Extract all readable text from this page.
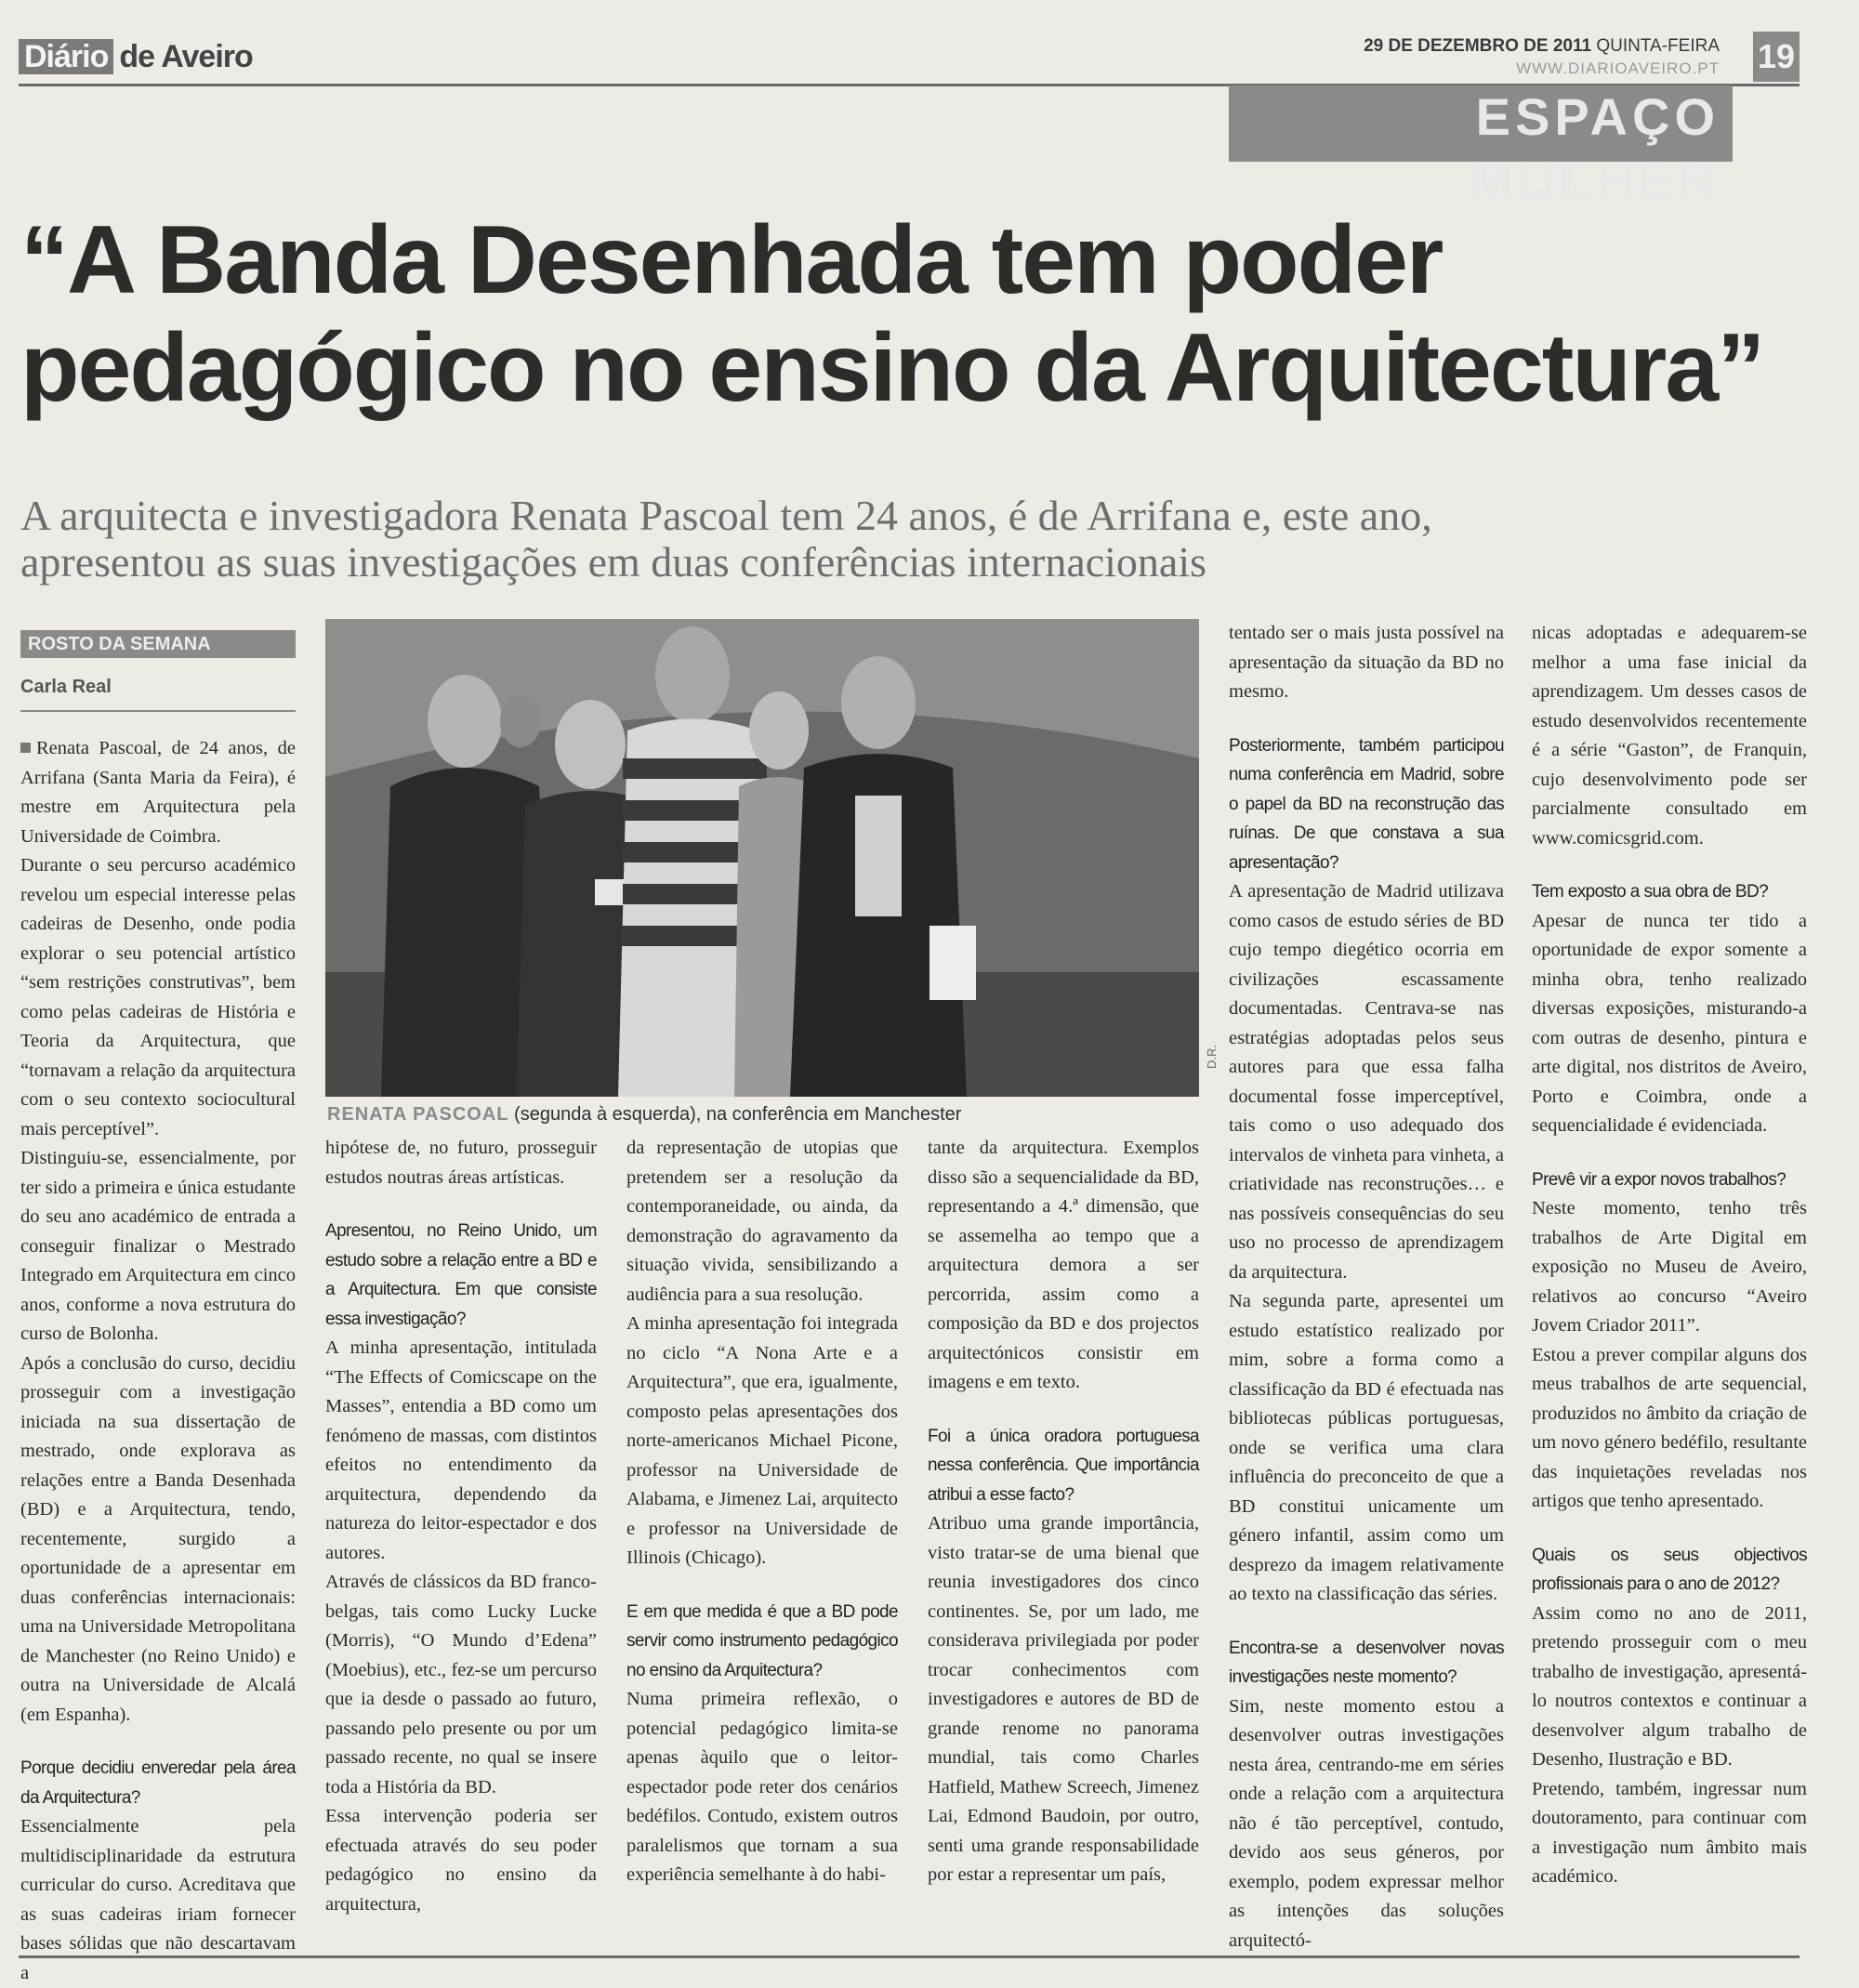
Diário de Aveiro	29 DE DEZEMBRO DE 2011 QUINTA-FEIRA
WWW.DIARIOAVEIRO.PT 19
ESPAÇO MULHER
“A Banda Desenhada tem poder pedagógico no ensino da Arquitectura”
A arquitecta e investigadora Renata Pascoal tem 24 anos, é de Arrifana e, este ano, apresentou as suas investigações em duas conferências internacionais
ROSTO DA SEMANA
Carla Real
D.R.
RENATA PASCOAL (segunda à esquerda), na conferência em Manchester

Renata Pascoal, de 24 anos, de Arrifana (Santa Maria da Feira), é mestre em Arquitectura pela Universidade de Coimbra.

Durante o seu percurso académico revelou um especial interesse pelas cadeiras de Desenho, onde podia explorar o seu potencial artístico “sem restrições construtivas”, bem como pelas cadeiras de História e Teoria da Arquitectura, que “tornavam a relação da arquitectura com o seu contexto sociocultural mais perceptível”.

Distinguiu-se, essencialmente, por ter sido a primeira e única estudante do seu ano académico de entrada a conseguir finalizar o Mestrado Integrado em Arquitectura em cinco anos, conforme a nova estrutura do curso de Bolonha.

Após a conclusão do curso, decidiu prosseguir com a investigação iniciada na sua dissertação de mestrado, onde explorava as relações entre a Banda Desenhada (BD) e a Arquitectura, tendo, recentemente, surgido a oportunidade de a apresentar em duas conferências internacionais: uma na Universidade Metropolitana de Manchester (no Reino Unido) e outra na Universidade de Alcalá (em Espanha).

Porque decidiu enveredar pela área da Arquitectura?

Essencialmente pela multidisciplinaridade da estrutura curricular do curso. Acreditava que as suas cadeiras iriam fornecer bases sólidas que não descartavam a

hipótese de, no futuro, prosseguir estudos noutras áreas artísticas.

Apresentou, no Reino Unido, um estudo sobre a relação entre a BD e a Arquitectura. Em que consiste essa investigação?

A minha apresentação, intitulada “The Effects of Comicscape on the Masses”, entendia a BD como um fenómeno de massas, com distintos efeitos no entendimento da arquitectura, dependendo da natureza do leitor-espectador e dos autores.

Através de clássicos da BD franco-belgas, tais como Lucky Lucke (Morris), “O Mundo d’Edena” (Moebius), etc., fez-se um percurso que ia desde o passado ao futuro, passando pelo presente ou por um passado recente, no qual se insere toda a História da BD.

Essa intervenção poderia ser efectuada através do seu poder pedagógico no ensino da arquitectura,

da representação de utopias que pretendem ser a resolução da contemporaneidade, ou ainda, da demonstração do agravamento da situação vivida, sensibilizando a audiência para a sua resolução.

A minha apresentação foi integrada no ciclo “A Nona Arte e a Arquitectura”, que era, igualmente, composto pelas apresentações dos norte-americanos Michael Picone, professor na Universidade de Alabama, e Jimenez Lai, arquitecto e professor na Universidade de Illinois (Chicago).

E em que medida é que a BD pode servir como instrumento pedagógico no ensino da Arquitectura?

Numa primeira reflexão, o potencial pedagógico limita-se apenas àquilo que o leitor-espectador pode reter dos cenários bedéfilos. Contudo, existem outros paralelismos que tornam a sua experiência semelhante à do habi-

tante da arquitectura. Exemplos disso são a sequencialidade da BD, representando a 4.ª dimensão, que se assemelha ao tempo que a arquitectura demora a ser percorrida, assim como a composição da BD e dos projectos arquitectónicos consistir em imagens e em texto.

Foi a única oradora portuguesa nessa conferência. Que importância atribui a esse facto?

Atribuo uma grande importância, visto tratar-se de uma bienal que reunia investigadores dos cinco continentes. Se, por um lado, me considerava privilegiada por poder trocar conhecimentos com investigadores e autores de BD de grande renome no panorama mundial, tais como Charles Hatfield, Mathew Screech, Jimenez Lai, Edmond Baudoin, por outro, senti uma grande responsabilidade por estar a representar um país,

tentado ser o mais justa possível na apresentação da situação da BD no mesmo.

Posteriormente, também participou numa conferência em Madrid, sobre o papel da BD na reconstrução das ruínas. De que constava a sua apresentação?

A apresentação de Madrid utilizava como casos de estudo séries de BD cujo tempo diegético ocorria em civilizações escassamente documentadas. Centrava-se nas estratégias adoptadas pelos seus autores para que essa falha documental fosse imperceptível, tais como o uso adequado dos intervalos de vinheta para vinheta, a criatividade nas reconstruções… e nas possíveis consequências do seu uso no processo de aprendizagem da arquitectura.

Na segunda parte, apresentei um estudo estatístico realizado por mim, sobre a forma como a classificação da BD é efectuada nas bibliotecas públicas portuguesas, onde se verifica uma clara influência do preconceito de que a BD constitui unicamente um género infantil, assim como um desprezo da imagem relativamente ao texto na classificação das séries.

Encontra-se a desenvolver novas investigações neste momento?

Sim, neste momento estou a desenvolver outras investigações nesta área, centrando-me em séries onde a relação com a arquitectura não é tão perceptível, contudo, devido aos seus géneros, por exemplo, podem expressar melhor as intenções das soluções arquitectó-

nicas adoptadas e adequarem-se melhor a uma fase inicial da aprendizagem. Um desses casos de estudo desenvolvidos recentemente é a série “Gaston”, de Franquin, cujo desenvolvimento pode ser parcialmente consultado em www.comicsgrid.com.

Tem exposto a sua obra de BD?

Apesar de nunca ter tido a oportunidade de expor somente a minha obra, tenho realizado diversas exposições, misturando-a com outras de desenho, pintura e arte digital, nos distritos de Aveiro, Porto e Coimbra, onde a sequencialidade é evidenciada.

Prevê vir a expor novos trabalhos?

Neste momento, tenho três trabalhos de Arte Digital em exposição no Museu de Aveiro, relativos ao concurso “Aveiro Jovem Criador 2011”.

Estou a prever compilar alguns dos meus trabalhos de arte sequencial, produzidos no âmbito da criação de um novo género bedéfilo, resultante das inquietações reveladas nos artigos que tenho apresentado.

Quais os seus objectivos profissionais para o ano de 2012?

Assim como no ano de 2011, pretendo prosseguir com o meu trabalho de investigação, apresentá-lo noutros contextos e continuar a desenvolver algum trabalho de Desenho, Ilustração e BD.

Pretendo, também, ingressar num doutoramento, para continuar com a investigação num âmbito mais académico.
